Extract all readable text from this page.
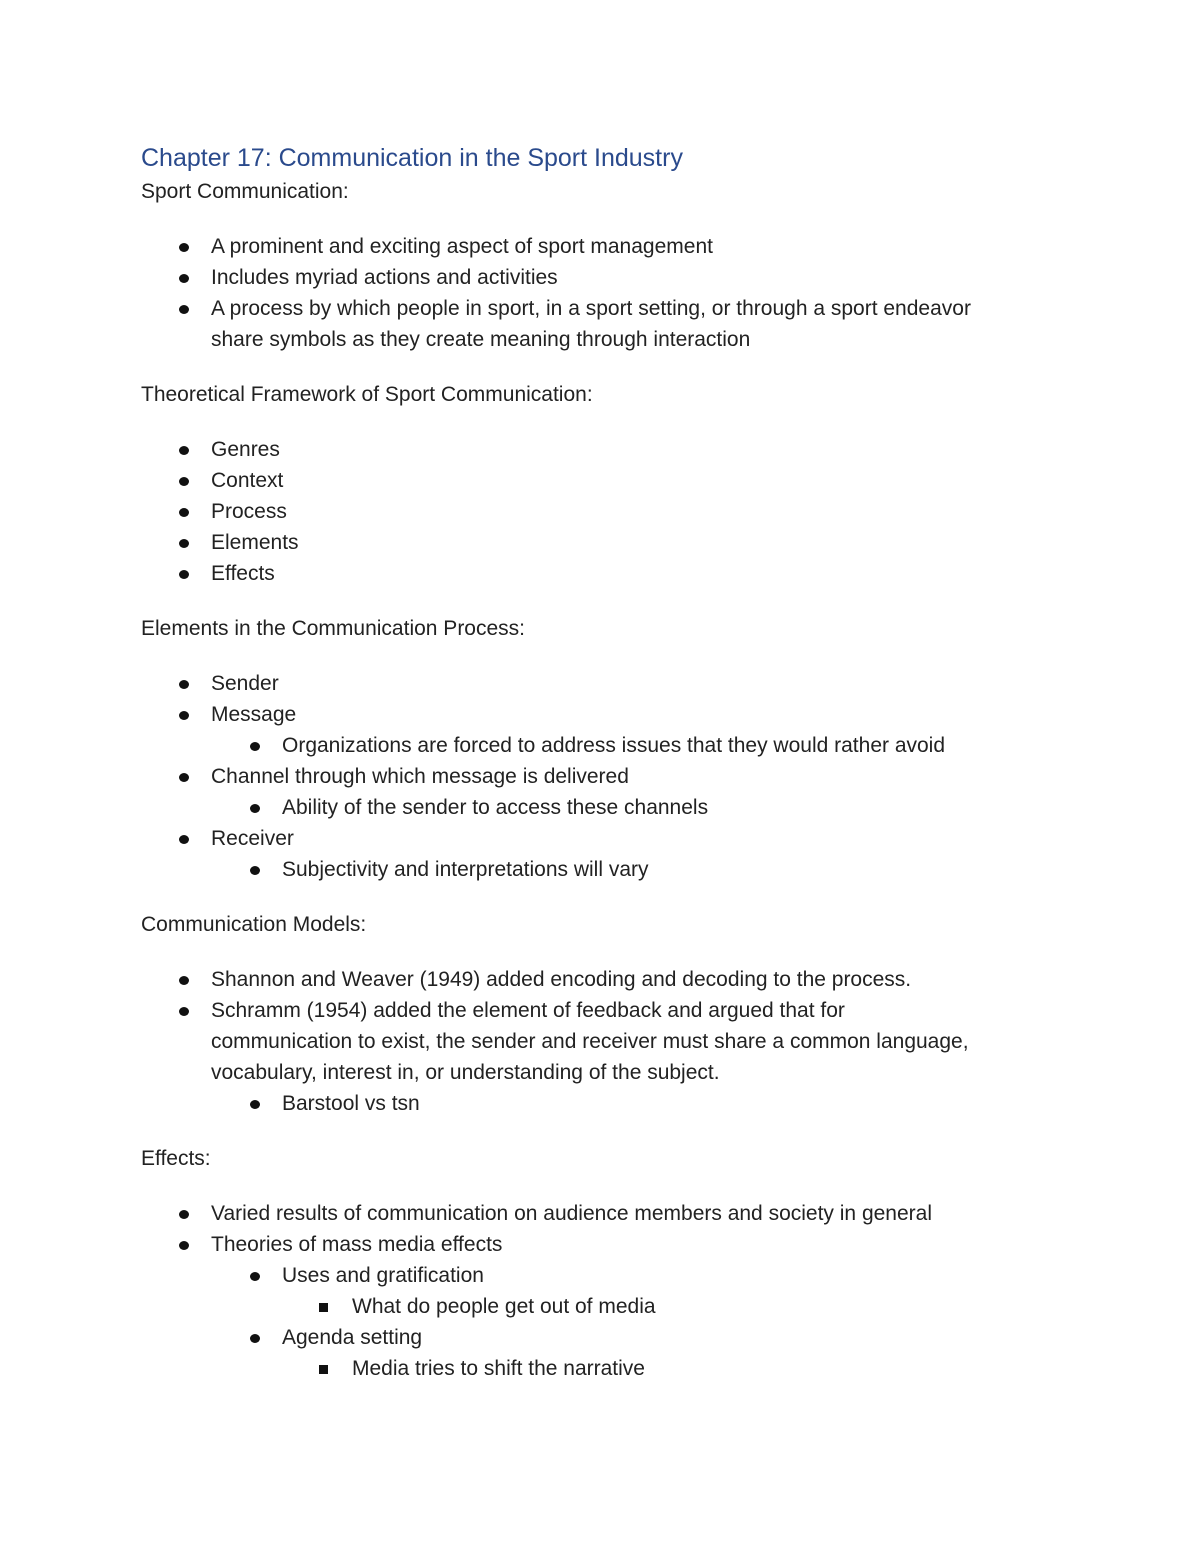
Chapter 17: Communication in the Sport Industry

Sport Communication:

A prominent and exciting aspect of sport management
Includes myriad actions and activities
A process by which people in sport, in a sport setting, or through a sport endeavor share symbols as they create meaning through interaction

Theoretical Framework of Sport Communication:

Genres
Context
Process
Elements
Effects

Elements in the Communication Process:

Sender
Message
Organizations are forced to address issues that they would rather avoid
Channel through which message is delivered
Ability of the sender to access these channels
Receiver
Subjectivity and interpretations will vary

Communication Models:

Shannon and Weaver (1949) added encoding and decoding to the process.
Schramm (1954) added the element of feedback and argued that for communication to exist, the sender and receiver must share a common language, vocabulary, interest in, or understanding of the subject.
Barstool vs tsn

Effects:

Varied results of communication on audience members and society in general
Theories of mass media effects
Uses and gratification
What do people get out of media
Agenda setting
Media tries to shift the narrative
